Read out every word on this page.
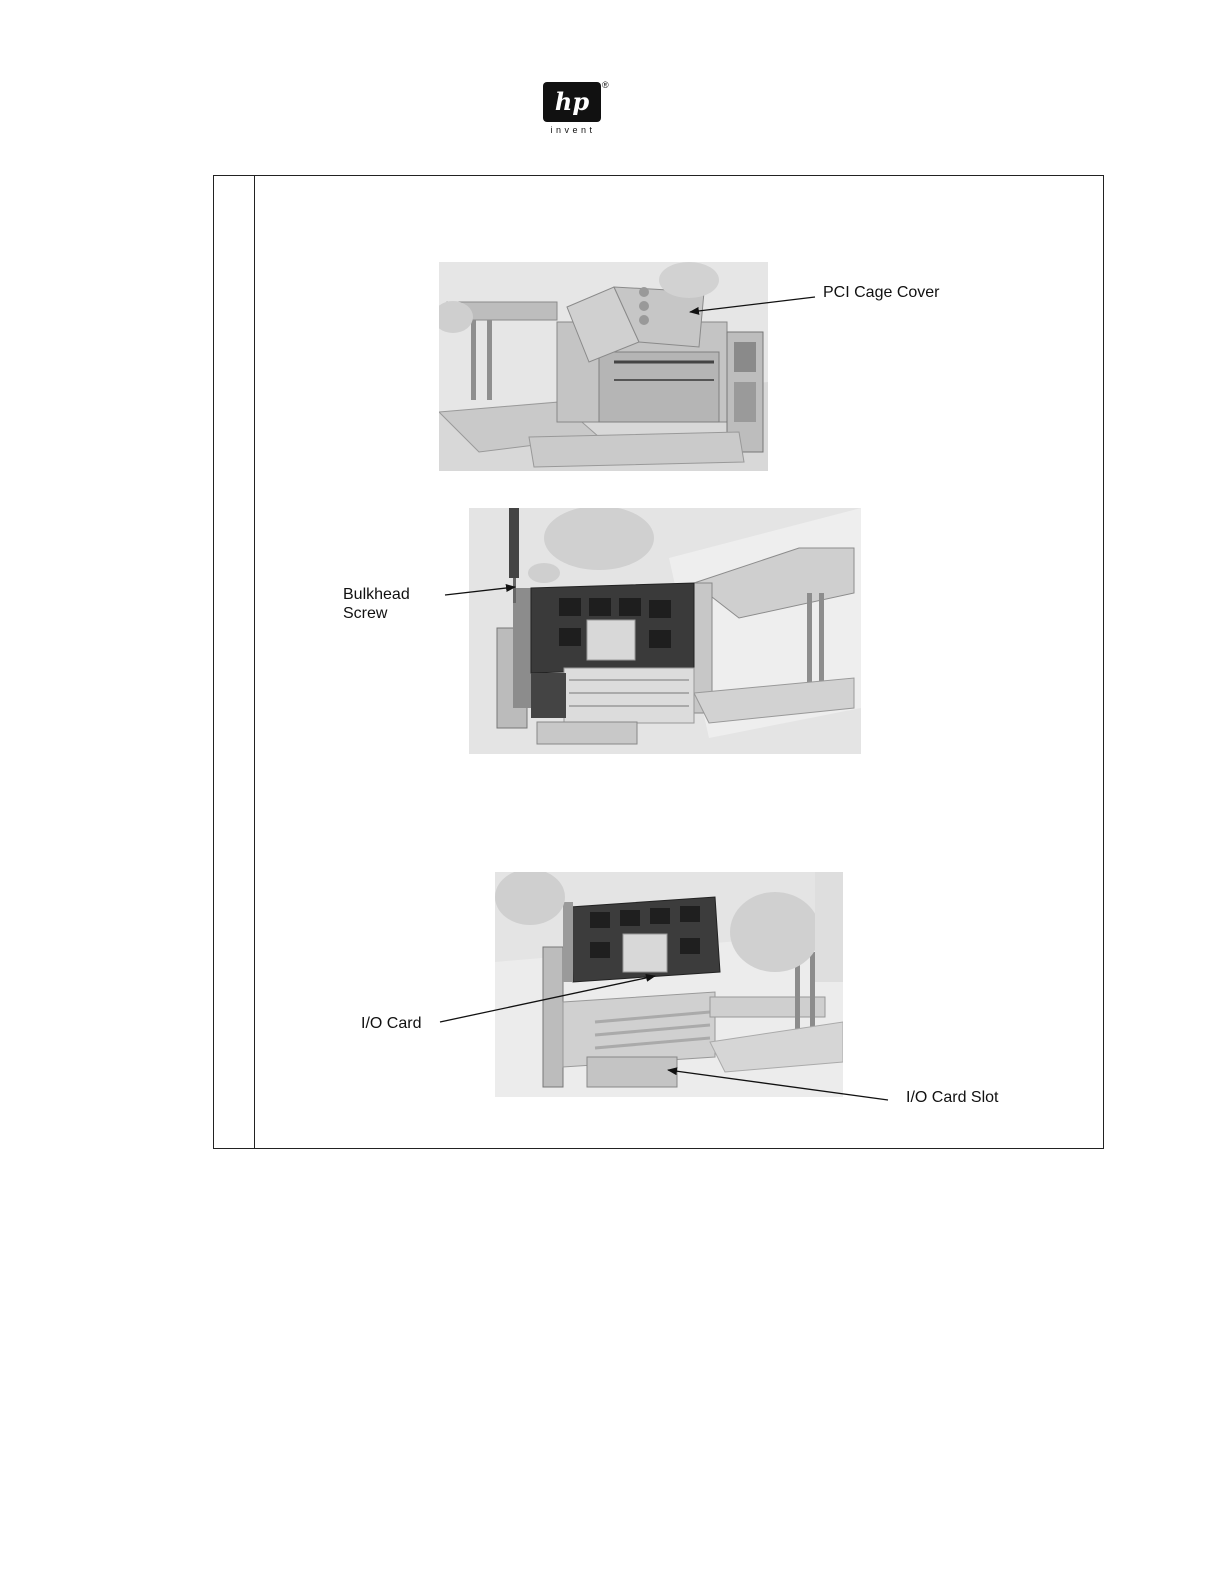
hp
®
invent
PCI Cage Cover
Bulkhead
Screw
I/O Card
I/O Card Slot
